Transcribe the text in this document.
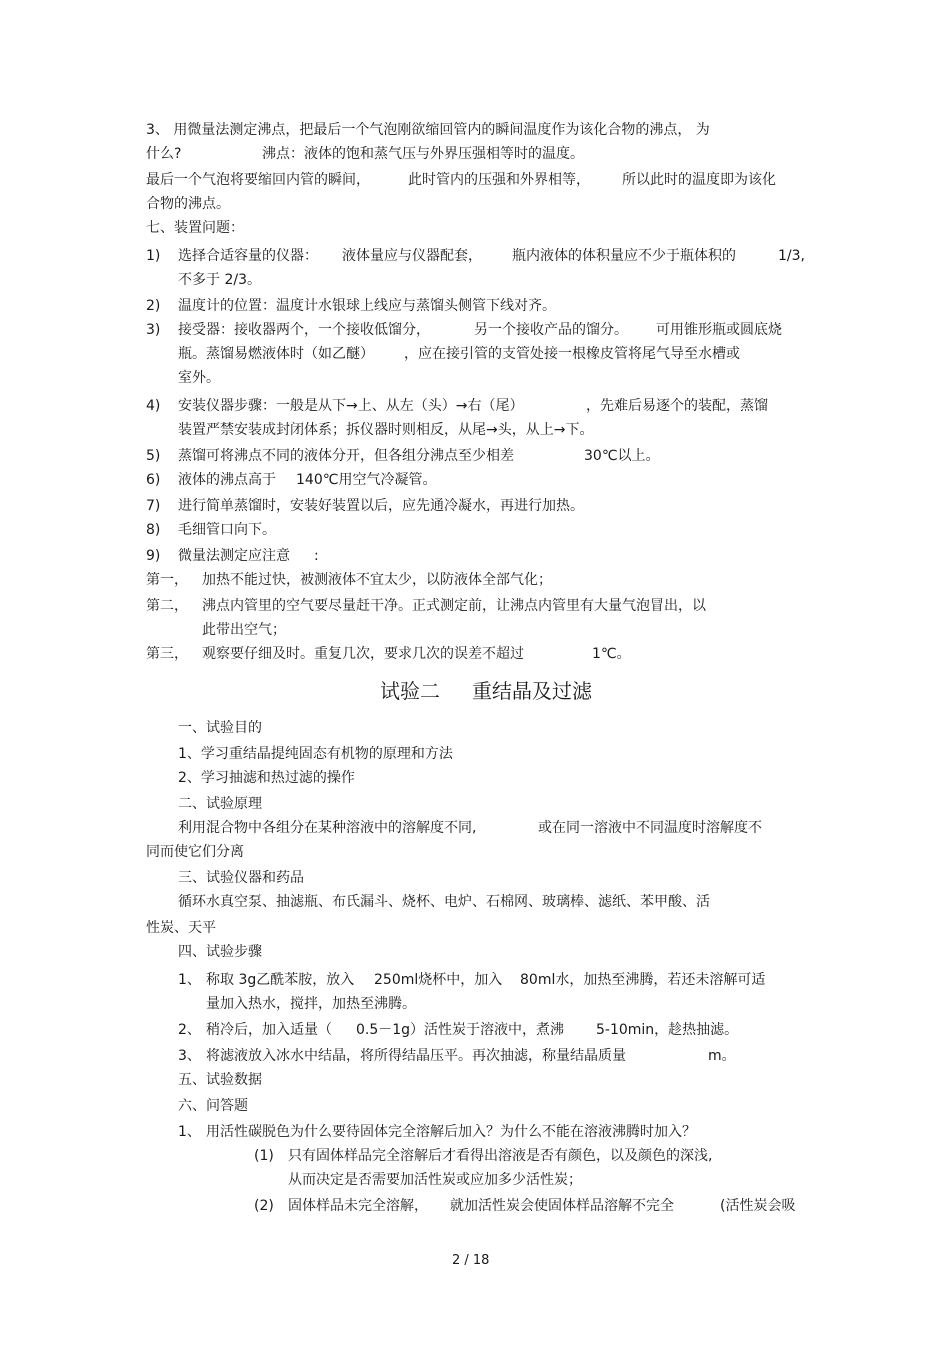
3、 用微量法测定沸点，把最后一个气泡刚欲缩回管内的瞬间温度作为该化合物的沸点， 为
什么?	沸点：液体的饱和蒸气压与外界压强相等时的温度。
最后一个气泡将要缩回内管的瞬间，	此时管内的压强和外界相等， 所以此时的温度即为该化
合物的沸点。
七、装置问题：
1) 选择合适容量的仪器： 液体量应与仪器配套， 瓶内液体的体积量应不少于瓶体积的	1/3,
不多于 2/3。
2) 温度计的位置：温度计水银球上线应与蒸馏头侧管下线对齐。
3) 接受器：接收器两个，一个接收低馏分，	另一个接收产品的馏分。 可用锥形瓶或圆底烧
瓶。蒸馏易燃液体时（如乙醚） ，应在接引管的支管处接一根橡皮管将尾气导至水槽或
室外。
4) 安装仪器步骤：一般是从下→上、从左（头）→右（尾）	，先难后易逐个的装配，蒸馏
装置严禁安装成封闭体系；拆仪器时则相反，从尾→头，从上→下。
5) 蒸馏可将沸点不同的液体分开，但各组分沸点至少相差	30℃以上。
6) 液体的沸点高于 140℃用空气冷凝管。
7) 进行简单蒸馏时，安装好装置以后，应先通冷凝水，再进行加热。
8) 毛细管口向下。
9) 微量法测定应注意 :
第一， 加热不能过快，被测液体不宜太少，以防液体全部气化；
第二， 沸点内管里的空气要尽量赶干净。正式测定前，让沸点内管里有大量气泡冒出，以
此带出空气；
第三， 观察要仔细及时。重复几次，要求几次的误差不超过	1℃。
试验二 重结晶及过滤
一、试验目的
1、学习重结晶提纯固态有机物的原理和方法
2、学习抽滤和热过滤的操作
二、试验原理
利用混合物中各组分在某种溶液中的溶解度不同,	或在同一溶液中不同温度时溶解度不
同而使它们分离
三、试验仪器和药品
循环水真空泵、抽滤瓶、布氏漏斗、烧杯、电炉、石棉网、玻璃棒、滤纸、苯甲酸、活
性炭、天平
四、试验步骤
1、 称取 3g乙酰苯胺，放入 250ml烧杯中，加入 80ml水，加热至沸腾，若还未溶解可适
量加入热水，搅拌，加热至沸腾。
2、 稍冷后，加入适量（ 0.5－1g）活性炭于溶液中，煮沸 5-10min，趁热抽滤。
3、 将滤液放入冰水中结晶，将所得结晶压平。再次抽滤，称量结晶质量	m。
五、试验数据
六、问答题
1、 用活性碳脱色为什么要待固体完全溶解后加入？为什么不能在溶液沸腾时加入？
(1) 只有固体样品完全溶解后才看得出溶液是否有颜色，以及颜色的深浅,
从而决定是否需要加活性炭或应加多少活性炭；
(2) 固体样品未完全溶解， 就加活性炭会使固体样品溶解不完全	(活性炭会吸
2 / 18
